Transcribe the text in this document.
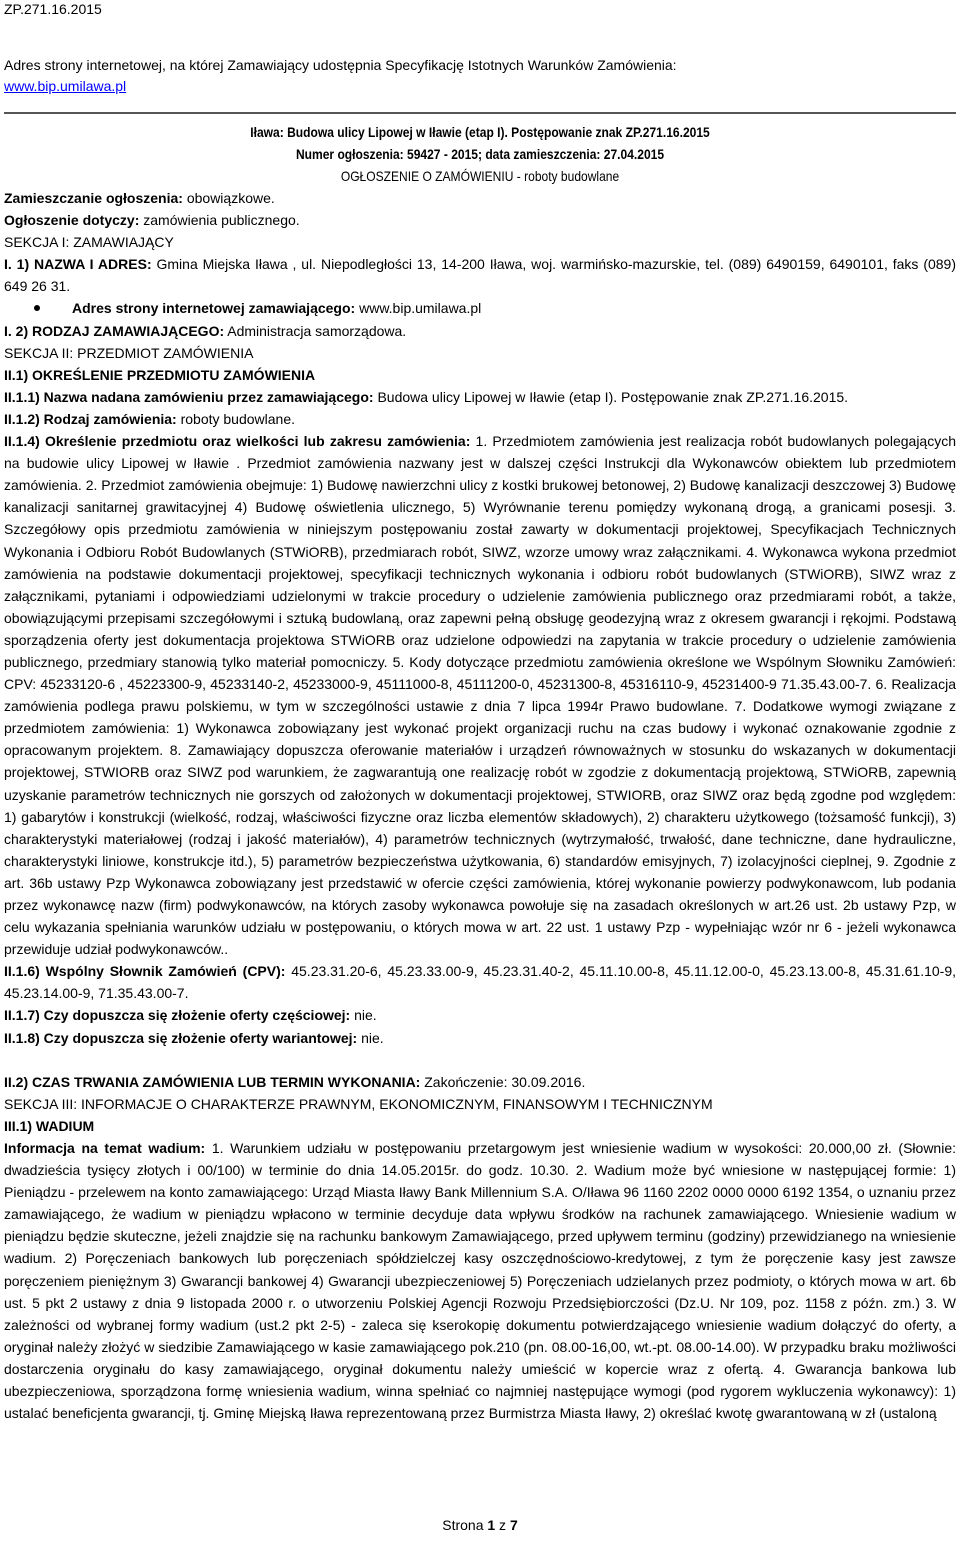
ZP.271.16.2015
Adres strony internetowej, na której Zamawiający udostępnia Specyfikację Istotnych Warunków Zamówienia:
www.bip.umilawa.pl
Iława: Budowa ulicy Lipowej w Iławie (etap I). Postępowanie znak ZP.271.16.2015
Numer ogłoszenia: 59427 - 2015; data zamieszczenia: 27.04.2015
OGŁOSZENIE O ZAMÓWIENIU - roboty budowlane

Zamieszczanie ogłoszenia: obowiązkowe.

Ogłoszenie dotyczy: zamówienia publicznego.

SEKCJA I: ZAMAWIAJĄCY

I. 1) NAZWA I ADRES: Gmina Miejska Iława , ul. Niepodległości 13, 14-200 Iława, woj. warmińsko-mazurskie, tel. (089) 6490159, 6490101, faks (089) 649 26 31.

Adres strony internetowej zamawiającego: www.bip.umilawa.pl

I. 2) RODZAJ ZAMAWIAJĄCEGO: Administracja samorządowa.

SEKCJA II: PRZEDMIOT ZAMÓWIENIA

II.1) OKREŚLENIE PRZEDMIOTU ZAMÓWIENIA

II.1.1) Nazwa nadana zamówieniu przez zamawiającego: Budowa ulicy Lipowej w Iławie (etap I). Postępowanie znak ZP.271.16.2015.

II.1.2) Rodzaj zamówienia: roboty budowlane.

II.1.4) Określenie przedmiotu oraz wielkości lub zakresu zamówienia: 1. Przedmiotem zamówienia jest realizacja robót budowlanych polegających na budowie ulicy Lipowej w Iławie . Przedmiot zamówienia nazwany jest w dalszej części Instrukcji dla Wykonawców obiektem lub przedmiotem zamówienia. 2. Przedmiot zamówienia obejmuje: 1) Budowę nawierzchni ulicy z kostki brukowej betonowej, 2) Budowę kanalizacji deszczowej 3) Budowę kanalizacji sanitarnej grawitacyjnej 4) Budowę oświetlenia ulicznego, 5) Wyrównanie terenu pomiędzy wykonaną drogą, a granicami posesji. 3. Szczegółowy opis przedmiotu zamówienia w niniejszym postępowaniu został zawarty w dokumentacji projektowej, Specyfikacjach Technicznych Wykonania i Odbioru Robót Budowlanych (STWiORB), przedmiarach robót, SIWZ, wzorze umowy wraz załącznikami. 4. Wykonawca wykona przedmiot zamówienia na podstawie dokumentacji projektowej, specyfikacji technicznych wykonania i odbioru robót budowlanych (STWiORB), SIWZ wraz z załącznikami, pytaniami i odpowiedziami udzielonymi w trakcie procedury o udzielenie zamówienia publicznego oraz przedmiarami robót, a także, obowiązującymi przepisami szczegółowymi i sztuką budowlaną, oraz zapewni pełną obsługę geodezyjną wraz z okresem gwarancji i rękojmi. Podstawą sporządzenia oferty jest dokumentacja projektowa STWiORB oraz udzielone odpowiedzi na zapytania w trakcie procedury o udzielenie zamówienia publicznego, przedmiary stanowią tylko materiał pomocniczy. 5. Kody dotyczące przedmiotu zamówienia określone we Wspólnym Słowniku Zamówień: CPV: 45233120-6 , 45223300-9, 45233140-2, 45233000-9, 45111000-8, 45111200-0, 45231300-8, 45316110-9, 45231400-9 71.35.43.00-7. 6. Realizacja zamówienia podlega prawu polskiemu, w tym w szczególności ustawie z dnia 7 lipca 1994r Prawo budowlane. 7. Dodatkowe wymogi związane z przedmiotem zamówienia: 1) Wykonawca zobowiązany jest wykonać projekt organizacji ruchu na czas budowy i wykonać oznakowanie zgodnie z opracowanym projektem. 8. Zamawiający dopuszcza oferowanie materiałów i urządzeń równoważnych w stosunku do wskazanych w dokumentacji projektowej, STWIORB oraz SIWZ pod warunkiem, że zagwarantują one realizację robót w zgodzie z dokumentacją projektową, STWiORB, zapewnią uzyskanie parametrów technicznych nie gorszych od założonych w dokumentacji projektowej, STWIORB, oraz SIWZ oraz będą zgodne pod względem: 1) gabarytów i konstrukcji (wielkość, rodzaj, właściwości fizyczne oraz liczba elementów składowych), 2) charakteru użytkowego (tożsamość funkcji), 3) charakterystyki materiałowej (rodzaj i jakość materiałów), 4) parametrów technicznych (wytrzymałość, trwałość, dane techniczne, dane hydrauliczne, charakterystyki liniowe, konstrukcje itd.), 5) parametrów bezpieczeństwa użytkowania, 6) standardów emisyjnych, 7) izolacyjności cieplnej, 9. Zgodnie z art. 36b ustawy Pzp Wykonawca zobowiązany jest przedstawić w ofercie części zamówienia, której wykonanie powierzy podwykonawcom, lub podania przez wykonawcę nazw (firm) podwykonawców, na których zasoby wykonawca powołuje się na zasadach określonych w art.26 ust. 2b ustawy Pzp, w celu wykazania spełniania warunków udziału w postępowaniu, o których mowa w art. 22 ust. 1 ustawy Pzp - wypełniając wzór nr 6 - jeżeli wykonawca przewiduje udział podwykonawców..

II.1.6) Wspólny Słownik Zamówień (CPV): 45.23.31.20-6, 45.23.33.00-9, 45.23.31.40-2, 45.11.10.00-8, 45.11.12.00-0, 45.23.13.00-8, 45.31.61.10-9, 45.23.14.00-9, 71.35.43.00-7.

II.1.7) Czy dopuszcza się złożenie oferty częściowej: nie.

II.1.8) Czy dopuszcza się złożenie oferty wariantowej: nie.

II.2) CZAS TRWANIA ZAMÓWIENIA LUB TERMIN WYKONANIA: Zakończenie: 30.09.2016.

SEKCJA III: INFORMACJE O CHARAKTERZE PRAWNYM, EKONOMICZNYM, FINANSOWYM I TECHNICZNYM

III.1) WADIUM

Informacja na temat wadium: 1. Warunkiem udziału w postępowaniu przetargowym jest wniesienie wadium w wysokości: 20.000,00 zł. (Słownie: dwadzieścia tysięcy złotych i 00/100) w terminie do dnia 14.05.2015r. do godz. 10.30. 2. Wadium może być wniesione w następującej formie: 1) Pieniądzu - przelewem na konto zamawiającego: Urząd Miasta Iławy Bank Millennium S.A. O/Iława 96 1160 2202 0000 0000 6192 1354, o uznaniu przez zamawiającego, że wadium w pieniądzu wpłacono w terminie decyduje data wpływu środków na rachunek zamawiającego. Wniesienie wadium w pieniądzu będzie skuteczne, jeżeli znajdzie się na rachunku bankowym Zamawiającego, przed upływem terminu (godziny) przewidzianego na wniesienie wadium. 2) Poręczeniach bankowych lub poręczeniach spółdzielczej kasy oszczędnościowo-kredytowej, z tym że poręczenie kasy jest zawsze poręczeniem pieniężnym 3) Gwarancji bankowej 4) Gwarancji ubezpieczeniowej 5) Poręczeniach udzielanych przez podmioty, o których mowa w art. 6b ust. 5 pkt 2 ustawy z dnia 9 listopada 2000 r. o utworzeniu Polskiej Agencji Rozwoju Przedsiębiorczości (Dz.U. Nr 109, poz. 1158 z późn. zm.) 3. W zależności od wybranej formy wadium (ust.2 pkt 2-5) - zaleca się kserokopię dokumentu potwierdzającego wniesienie wadium dołączyć do oferty, a oryginał należy złożyć w siedzibie Zamawiającego w kasie zamawiającego pok.210 (pn. 08.00-16,00, wt.-pt. 08.00-14.00). W przypadku braku możliwości dostarczenia oryginału do kasy zamawiającego, oryginał dokumentu należy umieścić w kopercie wraz z ofertą. 4. Gwarancja bankowa lub ubezpieczeniowa, sporządzona formę wniesienia wadium, winna spełniać co najmniej następujące wymogi (pod rygorem wykluczenia wykonawcy): 1) ustalać beneficjenta gwarancji, tj. Gminę Miejską Iława reprezentowaną przez Burmistrza Miasta Iławy, 2) określać kwotę gwarantowaną w zł (ustaloną

Strona 1 z 7
